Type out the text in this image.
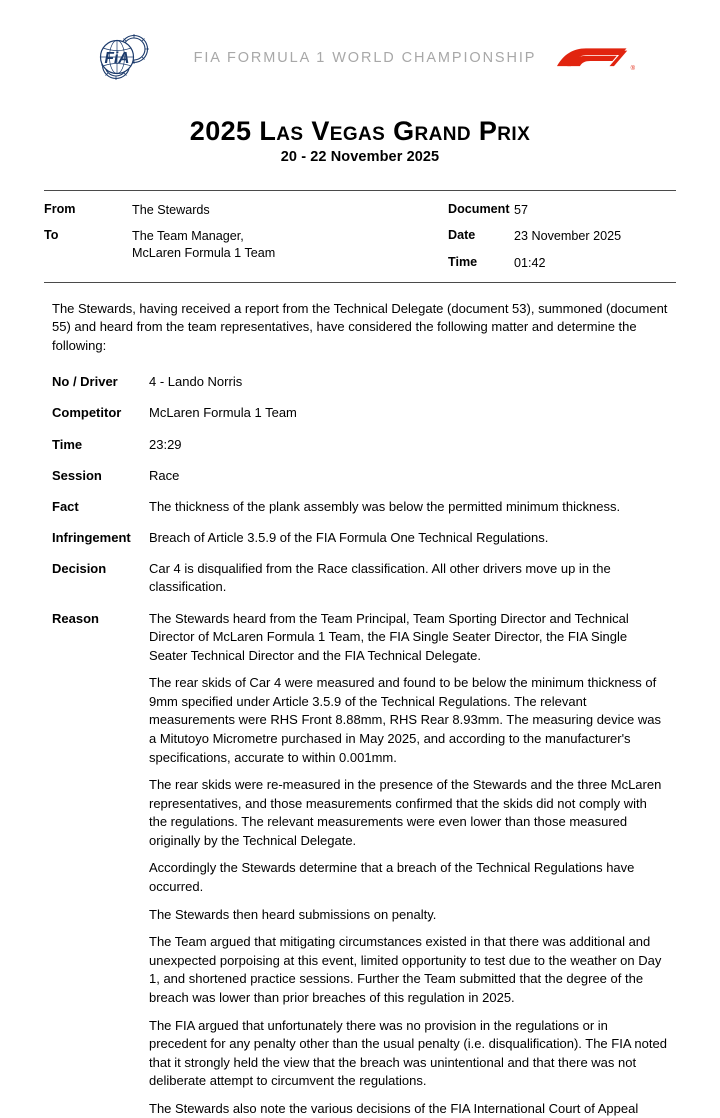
FiA	FIA FORMULA 1 WORLD CHAMPIONSHIP
®
2025 Las Vegas Grand Prix
20 - 22 November 2025
From	The Stewards
To	The Team Manager,
McLaren Formula 1 Team
Document 57
Date	23 November 2025
Time	01:42

The Stewards, having received a report from the Technical Delegate (document 53), summoned (document 55) and heard from the team representatives, have considered the following matter and determine the following:

No / Driver	4 - Lando Norris
Competitor	McLaren Formula 1 Team
Time	23:29
Session	Race
Fact	The thickness of the plank assembly was below the permitted minimum thickness.
Infringement	Breach of Article 3.5.9 of the FIA Formula One Technical Regulations.
Decision	Car 4 is disqualified from the Race classification. All other drivers move up in the classification.
Reason	The Stewards heard from the Team Principal, Team Sporting Director and Technical Director of McLaren Formula 1 Team, the FIA Single Seater Director, the FIA Single Seater Technical Director and the FIA Technical Delegate.

The rear skids of Car 4 were measured and found to be below the minimum thickness of 9mm specified under Article 3.5.9 of the Technical Regulations. The relevant measurements were RHS Front 8.88mm, RHS Rear 8.93mm. The measuring device was a Mitutoyo Micrometre purchased in May 2025, and according to the manufacturer's specifications, accurate to within 0.001mm.

The rear skids were re-measured in the presence of the Stewards and the three McLaren representatives, and those measurements confirmed that the skids did not comply with the regulations. The relevant measurements were even lower than those measured originally by the Technical Delegate.

Accordingly the Stewards determine that a breach of the Technical Regulations have occurred.

The Stewards then heard submissions on penalty.

The Team argued that mitigating circumstances existed in that there was additional and unexpected porpoising at this event, limited opportunity to test due to the weather on Day 1, and shortened practice sessions. Further the Team submitted that the degree of the breach was lower than prior breaches of this regulation in 2025.

The FIA argued that unfortunately there was no provision in the regulations or in precedent for any penalty other than the usual penalty (i.e. disqualification). The FIA noted that it strongly held the view that the breach was unintentional and that there was not deliberate attempt to circumvent the regulations.

The Stewards also note the various decisions of the FIA International Court of Appeal
